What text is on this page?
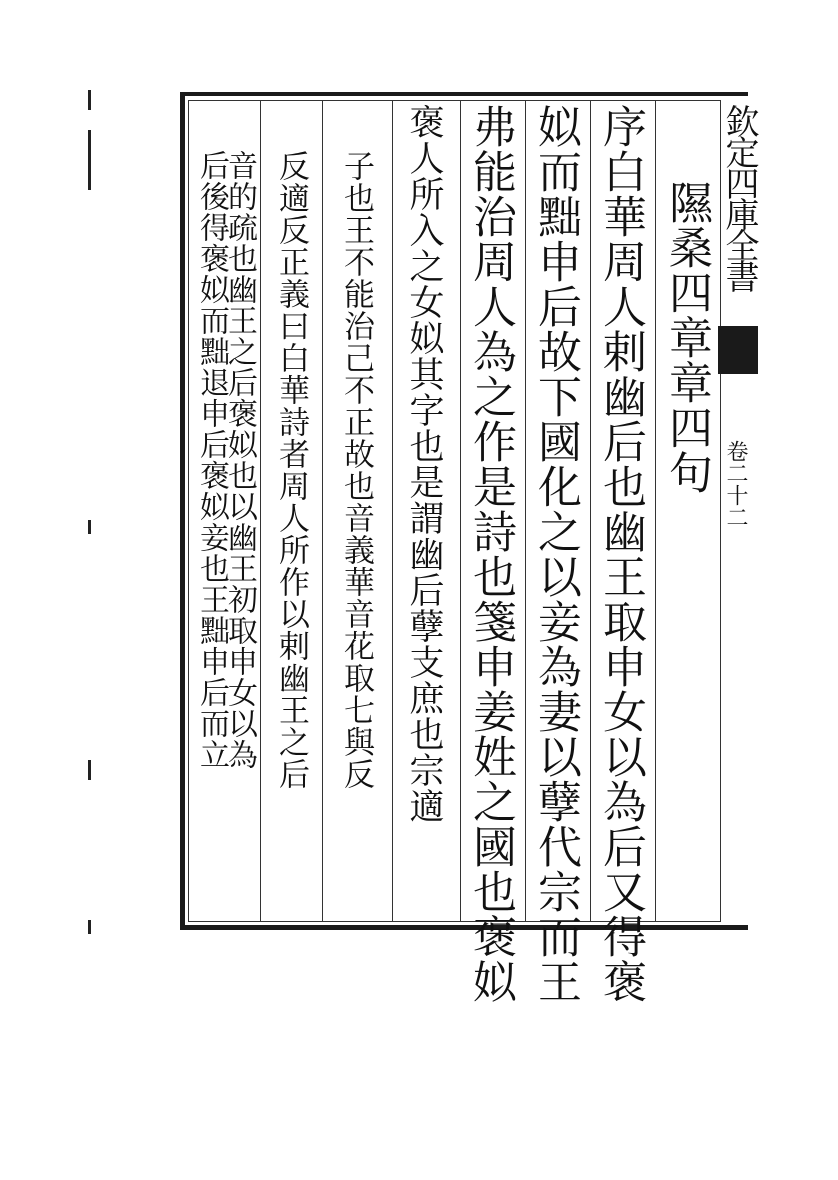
欽定四庫全書
卷二十二
隰桑四章章四句
序白華周人剌幽后也幽王取申女以為后又得褒
姒而黜申后故下國化之以妾為妻以孽代宗而王
弗能治周人為之作是詩也箋申姜姓之國也褒姒
褒人所入之女姒其字也是謂幽后孽支庶也宗適
子也王不能治己不正故也音義華音花取七與反
反適反正義曰白華詩者周人所作以剌幽王之后
音的疏也幽王之后褒姒也以幽王初取申女以為
后後得褒姒而黜退申后褒姒妾也王黜申后而立
